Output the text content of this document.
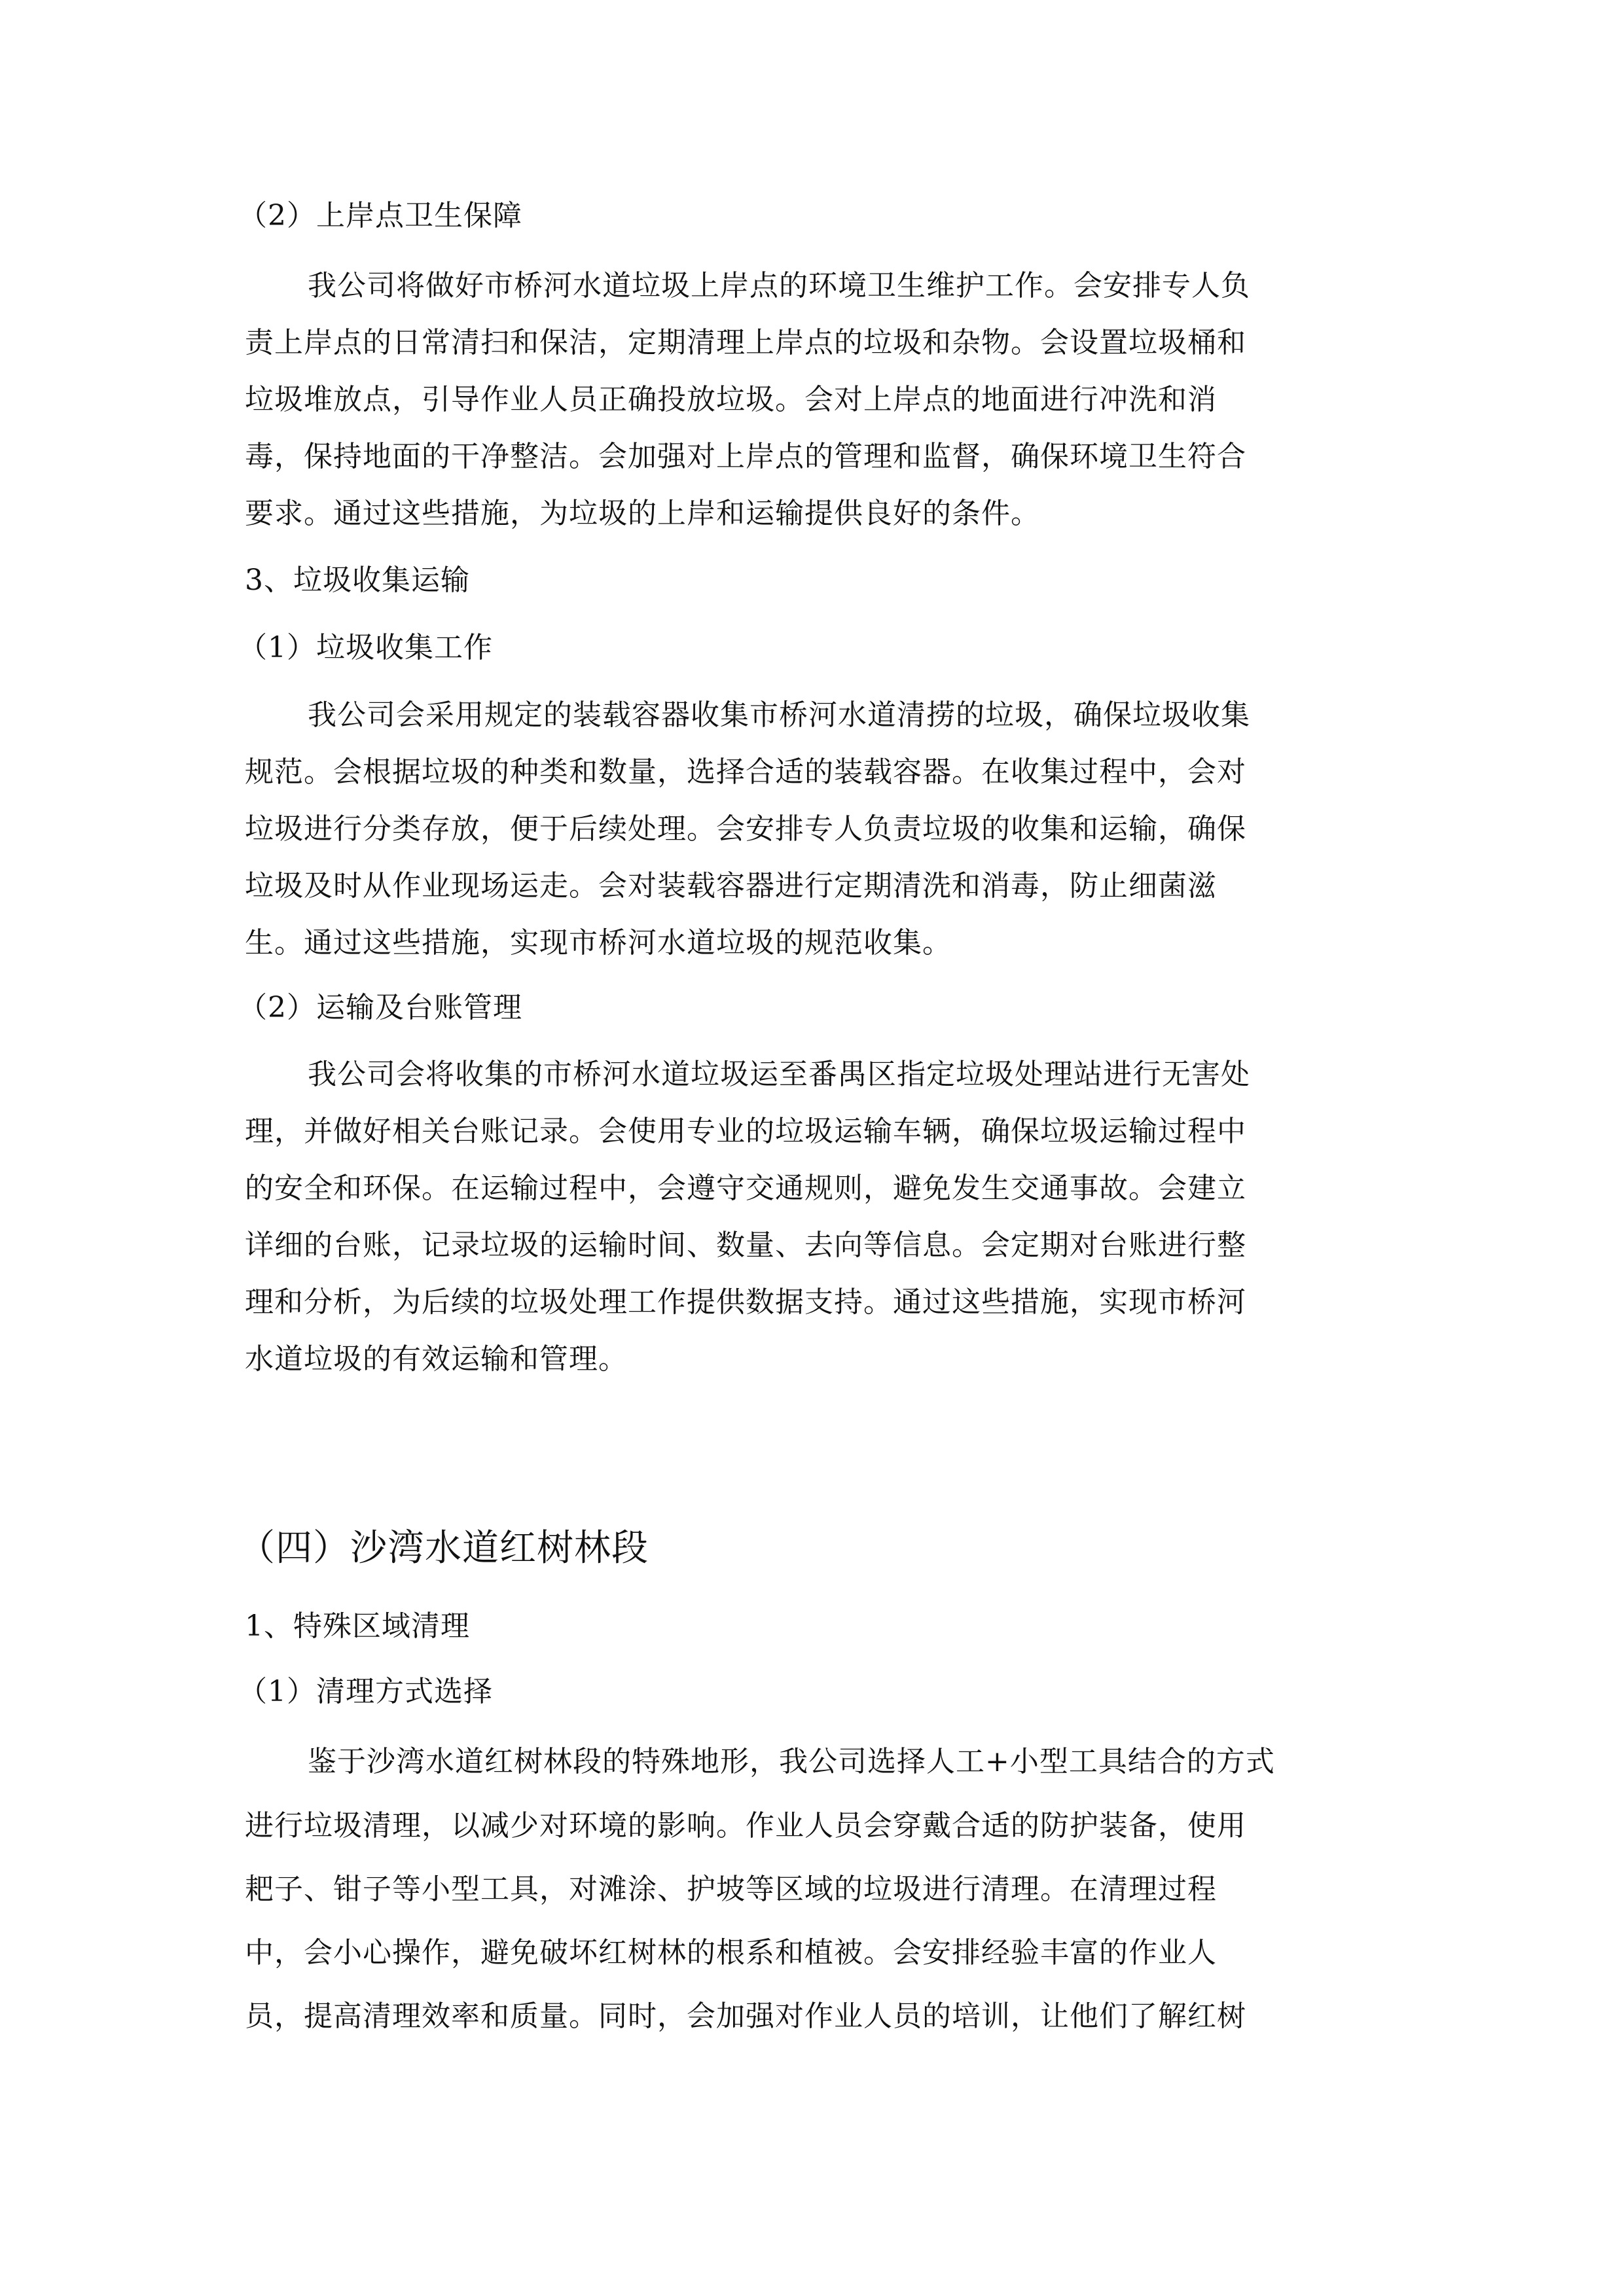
（2）上岸点卫生保障
我公司将做好市桥河水道垃圾上岸点的环境卫生维护工作。会安排专人负
责上岸点的日常清扫和保洁，定期清理上岸点的垃圾和杂物。会设置垃圾桶和
垃圾堆放点，引导作业人员正确投放垃圾。会对上岸点的地面进行冲洗和消
毒，保持地面的干净整洁。会加强对上岸点的管理和监督，确保环境卫生符合
要求。通过这些措施，为垃圾的上岸和运输提供良好的条件。
3、垃圾收集运输
（1）垃圾收集工作
我公司会采用规定的装载容器收集市桥河水道清捞的垃圾，确保垃圾收集
规范。会根据垃圾的种类和数量，选择合适的装载容器。在收集过程中，会对
垃圾进行分类存放，便于后续处理。会安排专人负责垃圾的收集和运输，确保
垃圾及时从作业现场运走。会对装载容器进行定期清洗和消毒，防止细菌滋
生。通过这些措施，实现市桥河水道垃圾的规范收集。
（2）运输及台账管理
我公司会将收集的市桥河水道垃圾运至番禺区指定垃圾处理站进行无害处
理，并做好相关台账记录。会使用专业的垃圾运输车辆，确保垃圾运输过程中
的安全和环保。在运输过程中，会遵守交通规则，避免发生交通事故。会建立
详细的台账，记录垃圾的运输时间、数量、去向等信息。会定期对台账进行整
理和分析，为后续的垃圾处理工作提供数据支持。通过这些措施，实现市桥河
水道垃圾的有效运输和管理。
（四）沙湾水道红树林段
1、特殊区域清理
（1）清理方式选择
鉴于沙湾水道红树林段的特殊地形，我公司选择人工+小型工具结合的方式
进行垃圾清理，以减少对环境的影响。作业人员会穿戴合适的防护装备，使用
耙子、钳子等小型工具，对滩涂、护坡等区域的垃圾进行清理。在清理过程
中，会小心操作，避免破坏红树林的根系和植被。会安排经验丰富的作业人
员，提高清理效率和质量。同时，会加强对作业人员的培训，让他们了解红树
